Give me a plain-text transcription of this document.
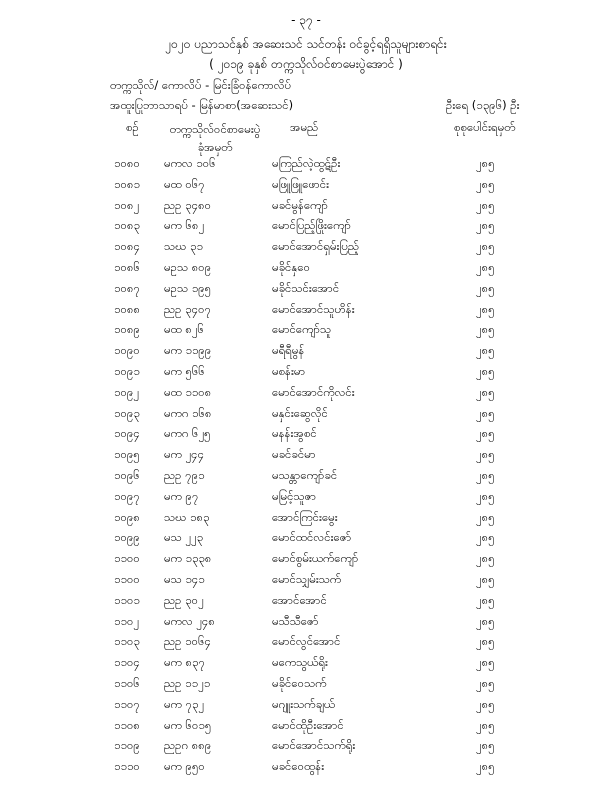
- ၃၇ -
၂၀၂၀ ပညာသင်နှစ် အဆေးသင် သင်တန်း ဝင်ခွင့်ရရှိသူများစာရင်း
( ၂၀၁၉ ခုနှစ် တက္ကသိုလ်ဝင်စာမေးပွဲအောင် )
တက္ကသိုလ်/ ကောလိပ် - မြင်းခြံဝန်ကောလိပ်
အထူးပြုဘာသာရပ် - မြန်မာစာ(အဆေးသင်)	ဦးရေ (၁၃၉၆) ဦး
စဉ်	တက္ကသိုလ်ဝင်စာမေးပွဲ
ခုံအမှတ်
အမည်	စုစုပေါင်းရမှတ်
၁၀၈၀ မကလ ၁၀၆	မကြည်လဲ့ထွဋ်ဦး	၂၈၅
၁၀၈၁ မထ ၀၆၇	မဖြူဖြူဖောင်း	၂၈၅
၁၀၈၂ ညဥ ၃၄၈၀	မခင်မွန်ကျော်	၂၈၅
၁၀၈၃ မက ၆၈၂	မောင်ပြည့်ဖြိုးကျော်	၂၈၅
၁၀၈၄ သဃ ၃၁	မောင်အောင်ရှမ်းပြည့်	၂၈၅
၁၀၈၆ မဥသ ၈၀၉	မခိုင်နှဝေ	၂၈၅
၁၀၈၇ မဥသ ၁၉၅	မခိုင်သင်းအောင်	၂၈၅
၁၀၈၈ ညဥ ၃၄၀၇	မောင်အောင်သူဟိန်း	၂၈၅
၁၀၈၉ မထ ၈၂၆	မောင်ကျော်သူ	၂၈၅
၁၀၉၀ မက ၁၁၉၉	မရီရီမွန်	၂၈၅
၁၀၉၁ မက ၅၆၆	မစန်းမာ	၂၈၅
၁၀၉၂ မထ ၁၁၀၈	မောင်အောင်ကိုလင်း	၂၈၅
၁၀၉၃ မကဂ ၁၆၈	မနှင်းဆွေလိုင်	၂၈၅
၁၀၉၄ မကဂ ၆၂၅	မနန်းအွစင်	၂၈၅
၁၀၉၅ မက ၂၄၄	မခင်ခင်မာ	၂၈၅
၁၀၉၆ ညဥ ၇၉၁	မသန္တာကျော်ခင်	၂၈၅
၁၀၉၇ မက ၉၇	မမြင့်သူဇာ	၂၈၅
၁၀၉၈ သဃ ၁၈၃	အောင်ကြင်းမွေး	၂၈၅
၁၀၉၉ မသ ၂၂၃	မောင်ထင်လင်းဇော်	၂၈၅
၁၁၀၀ မက ၁၃၃၈	မောင်စွမ်းယက်ကျော်	၂၈၅
၁၁၀၀ မသ ၁၄၁	မောင်သျှမ်းသက်	၂၈၅
၁၁၀၁ ညဥ ၃၀၂	အောင်အောင်	၂၈၅
၁၁၀၂ မကလ ၂၄၈	မသီသီဇော်	၂၈၅
၁၁၀၃ ညဥ ၁၀၆၄	မောင်လွင်အောင်	၂၈၅
၁၁၀၄ မက ၈၃၇	မကေသွယ်ရိုး	၂၈၅
၁၁၀၆ ညဥ ၁၁၂၁	မခိုင်ဝေသက်	၂၈၅
၁၁၀၇ မက ၇၃၂	မဂျူးသက်ချယ်	၂၈၅
၁၁၀၈ မက ၆၀၁၅	မောင်ထိုဦးအောင်	၂၈၅
၁၁၀၉ ညဥဂ ၈၈၉	မောင်အောင်သက်ရိုး	၂၈၅
၁၁၁၀ မက ၉၅၀	မခင်ဝေထွန်း	၂၈၅
